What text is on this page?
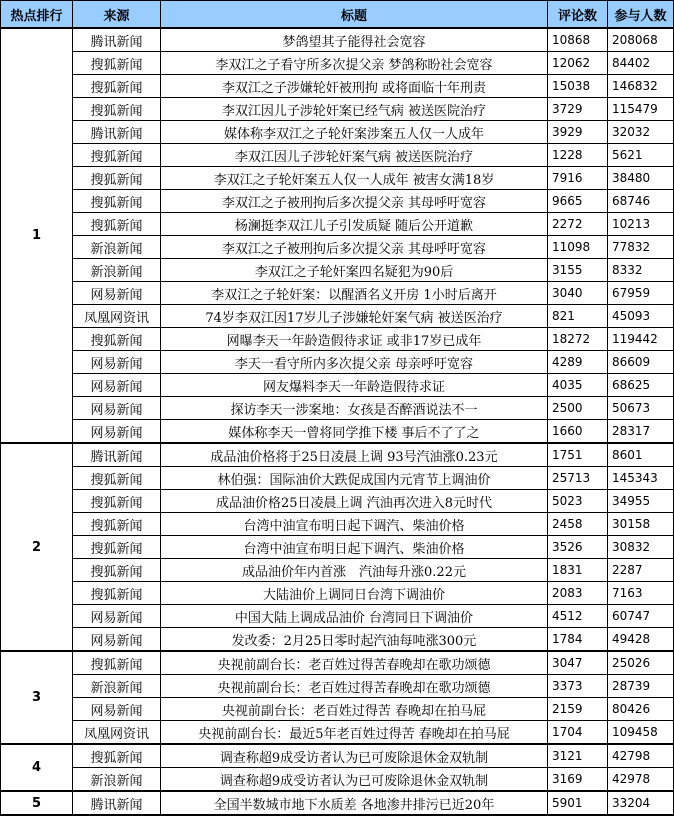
热点排行	来源	标题	评论数	参与人数
1	腾讯新闻	梦鸽望其子能得社会宽容	10868	208068
	搜狐新闻	李双江之子看守所多次提父亲 梦鸽称盼社会宽容	12062	84402
	搜狐新闻	李双江之子涉嫌轮奸被刑拘 或将面临十年刑责	15038	146832
	搜狐新闻	李双江因儿子涉轮奸案已经气病 被送医院治疗	3729	115479
	腾讯新闻	媒体称李双江之子轮奸案涉案五人仅一人成年	3929	32032
	搜狐新闻	李双江因儿子涉轮奸案气病 被送医院治疗	1228	5621
	搜狐新闻	李双江之子轮奸案五人仅一人成年 被害女满18岁	7916	38480
	搜狐新闻	李双江之子被刑拘后多次提父亲 其母呼吁宽容	9665	68746
	搜狐新闻	杨澜挺李双江儿子引发质疑 随后公开道歉	2272	10213
	新浪新闻	李双江之子被刑拘后多次提父亲 其母呼吁宽容	11098	77832
	新浪新闻	李双江之子轮奸案四名疑犯为90后	3155	8332
	网易新闻	李双江之子轮奸案：以醒酒名义开房 1小时后离开	3040	67959
	凤凰网资讯	74岁李双江因17岁儿子涉嫌轮奸案气病 被送医治疗	821	45093
	搜狐新闻	网曝李天一年龄造假待求证 或非17岁已成年	18272	119442
	网易新闻	李天一看守所内多次提父亲 母亲呼吁宽容	4289	86609
	网易新闻	网友爆料李天一年龄造假待求证	4035	68625
	网易新闻	探访李天一涉案地：女孩是否醉酒说法不一	2500	50673
	网易新闻	媒体称李天一曾将同学推下楼 事后不了了之	1660	28317
2	腾讯新闻	成品油价格将于25日凌晨上调 93号汽油涨0.23元	1751	8601
	搜狐新闻	林伯强：国际油价大跌促成国内元宵节上调油价	25713	145343
	搜狐新闻	成品油价格25日凌晨上调 汽油再次进入8元时代	5023	34955
	搜狐新闻	台湾中油宣布明日起下调汽、柴油价格	2458	30158
	搜狐新闻	台湾中油宣布明日起下调汽、柴油价格	3526	30832
	搜狐新闻	成品油价年内首涨　汽油每升涨0.22元	1831	2287
	搜狐新闻	大陆油价上调同日台湾下调油价	2083	7163
	网易新闻	中国大陆上调成品油价 台湾同日下调油价	4512	60747
	网易新闻	发改委：2月25日零时起汽油每吨涨300元	1784	49428
3	搜狐新闻	央视前副台长：老百姓过得苦春晚却在歌功颂德	3047	25026
	新浪新闻	央视前副台长：老百姓过得苦春晚却在歌功颂德	3373	28739
	网易新闻	央视前副台长：老百姓过得苦 春晚却在拍马屁	2159	80426
	凤凰网资讯	央视前副台长：最近5年老百姓过得苦 春晚却在拍马屁	1704	109458
4	搜狐新闻	调查称超9成受访者认为已可废除退休金双轨制	3121	42798
	新浪新闻	调查称超9成受访者认为已可废除退休金双轨制	3169	42978
5	腾讯新闻	全国半数城市地下水质差 各地渗井排污已近20年	5901	33204
